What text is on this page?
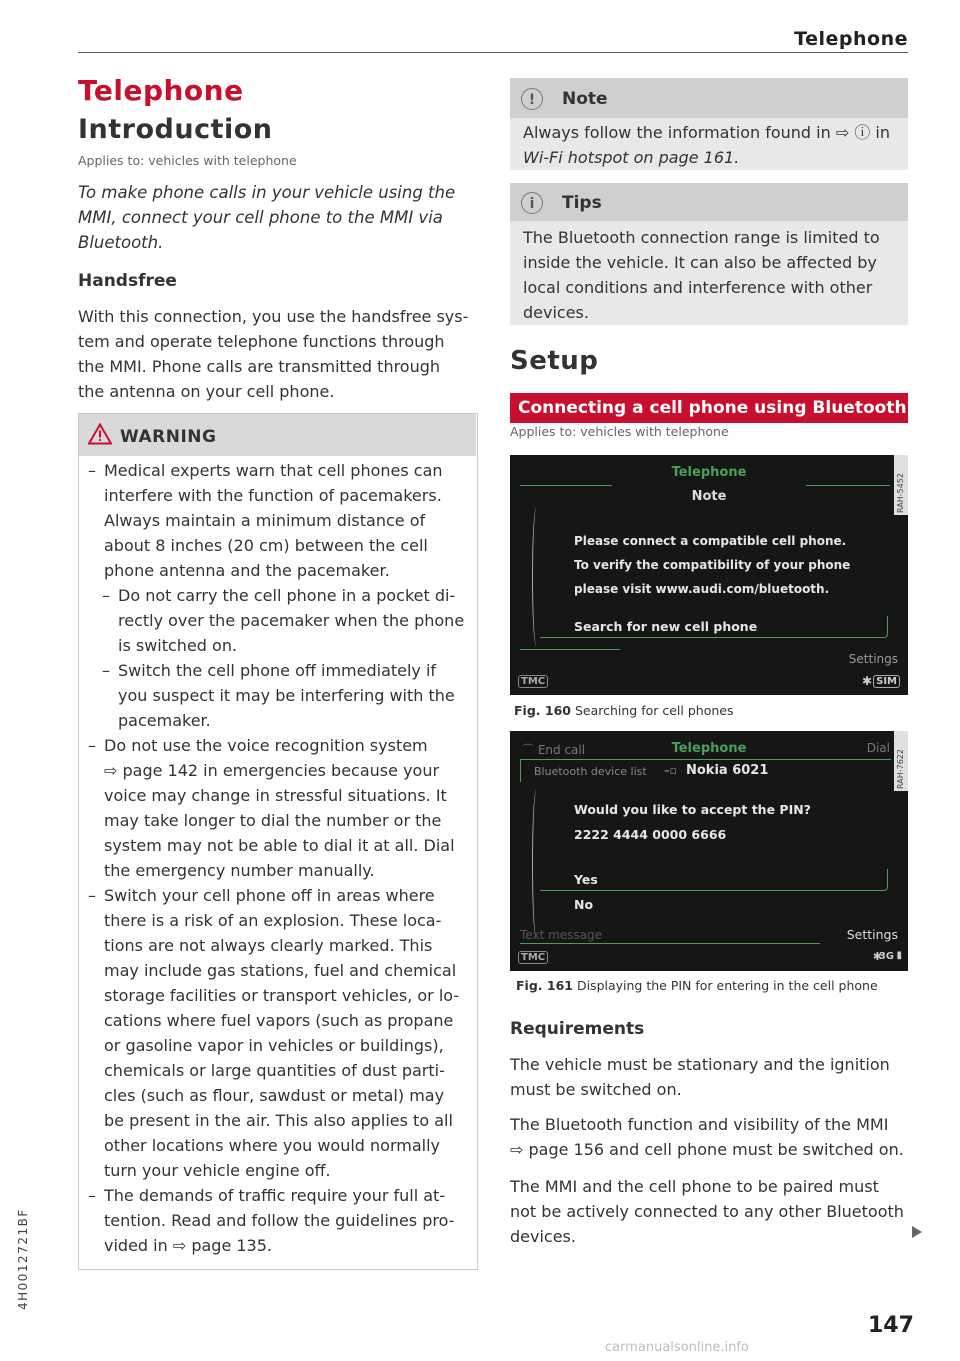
Telephone
Telephone
Introduction
Applies to: vehicles with telephone
To make phone calls in your vehicle using the
MMI, connect your cell phone to the MMI via
Bluetooth.
Handsfree
With this connection, you use the handsfree sys-
tem and operate telephone functions through
the MMI. Phone calls are transmitted through
the antenna on your cell phone.
WARNING
– Medical experts warn that cell phones can
interfere with the function of pacemakers.
Always maintain a minimum distance of
about 8 inches (20 cm) between the cell
phone antenna and the pacemaker.
– Do not carry the cell phone in a pocket di-
rectly over the pacemaker when the phone
is switched on.
– Switch the cell phone off immediately if
you suspect it may be interfering with the
pacemaker.
– Do not use the voice recognition system
⇨ page 142 in emergencies because your
voice may change in stressful situations. It
may take longer to dial the number or the
system may not be able to dial it at all. Dial
the emergency number manually.
– Switch your cell phone off in areas where
there is a risk of an explosion. These loca-
tions are not always clearly marked. This
may include gas stations, fuel and chemical
storage facilities or transport vehicles, or lo-
cations where fuel vapors (such as propane
or gasoline vapor in vehicles or buildings),
chemicals or large quantities of dust parti-
cles (such as flour, sawdust or metal) may
be present in the air. This also applies to all
other locations where you would normally
turn your vehicle engine off.
– The demands of traffic require your full at-
tention. Read and follow the guidelines pro-
vided in ⇨ page 135.
!	Note
Always follow the information found in ⇨ ⓘ in
Wi-Fi hotspot on page 161.
i	Tips
The Bluetooth connection range is limited to
inside the vehicle. It can also be affected by
local conditions and interference with other
devices.
Setup
Connecting a cell phone using Bluetooth
Applies to: vehicles with telephone
Telephone
Note
Please connect a compatible cell phone.
To verify the compatibility of your phone
please visit www.audi.com/bluetooth.
Search for new cell phone
Settings
TMC	✱ SIM
RAH-5452
Fig. 160 Searching for cell phones
⌒ End call	Telephone	Dial
Bluetooth device list –▫ Nokia 6021
Would you like to accept the PIN?
2222 4444 0000 6666
Yes
No
Text message	Settings
TMC	✱
3G ▮
RAH-7622
Fig. 161 Displaying the PIN for entering in the cell phone
Requirements
The vehicle must be stationary and the ignition
must be switched on.
The Bluetooth function and visibility of the MMI
⇨ page 156 and cell phone must be switched on.
The MMI and the cell phone to be paired must
not be actively connected to any other Bluetooth
devices.
147
4H0012721BF
carmanualsonline.info
